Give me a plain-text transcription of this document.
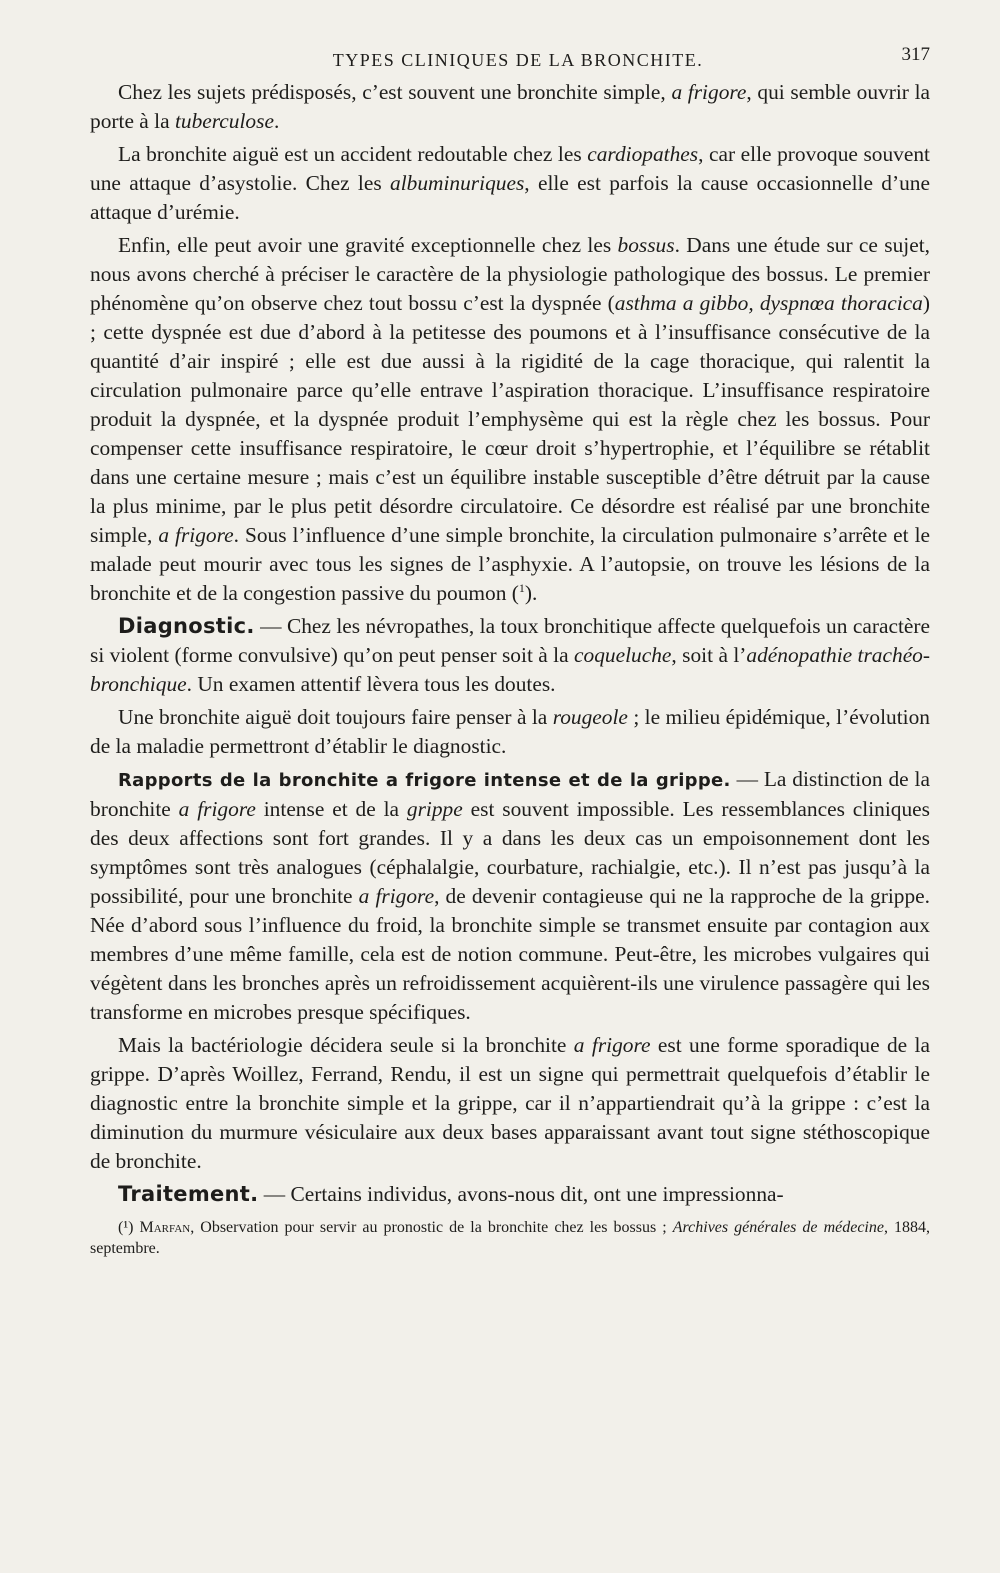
TYPES CLINIQUES DE LA BRONCHITE.	317

Chez les sujets prédisposés, c’est souvent une bronchite simple, a frigore, qui semble ouvrir la porte à la tuberculose.

La bronchite aiguë est un accident redoutable chez les cardiopathes, car elle provoque souvent une attaque d’asystolie. Chez les albuminuriques, elle est parfois la cause occasionnelle d’une attaque d’urémie.

Enfin, elle peut avoir une gravité exceptionnelle chez les bossus. Dans une étude sur ce sujet, nous avons cherché à préciser le caractère de la physiologie pathologique des bossus. Le premier phénomène qu’on observe chez tout bossu c’est la dyspnée (asthma a gibbo, dyspnœa thoracica) ; cette dyspnée est due d’abord à la petitesse des poumons et à l’insuffisance consécutive de la quantité d’air inspiré ; elle est due aussi à la rigidité de la cage thoracique, qui ralentit la circulation pulmonaire parce qu’elle entrave l’aspiration thoracique. L’insuffisance respiratoire produit la dyspnée, et la dyspnée produit l’emphysème qui est la règle chez les bossus. Pour compenser cette insuffisance respiratoire, le cœur droit s’hypertrophie, et l’équilibre se rétablit dans une certaine mesure ; mais c’est un équilibre instable susceptible d’être détruit par la cause la plus minime, par le plus petit désordre circulatoire. Ce désordre est réalisé par une bronchite simple, a frigore. Sous l’influence d’une simple bronchite, la circulation pulmonaire s’arrête et le malade peut mourir avec tous les signes de l’asphyxie. A l’autopsie, on trouve les lésions de la bronchite et de la congestion passive du poumon ($^1$).

Diagnostic. — Chez les névropathes, la toux bronchitique affecte quelquefois un caractère si violent (forme convulsive) qu’on peut penser soit à la coqueluche, soit à l’adénopathie trachéo-bronchique. Un examen attentif lèvera tous les doutes.

Une bronchite aiguë doit toujours faire penser à la rougeole ; le milieu épidémique, l’évolution de la maladie permettront d’établir le diagnostic.

Rapports de la bronchite a frigore intense et de la grippe. — La distinction de la bronchite a frigore intense et de la grippe est souvent impossible. Les ressemblances cliniques des deux affections sont fort grandes. Il y a dans les deux cas un empoisonnement dont les symptômes sont très analogues (céphalalgie, courbature, rachialgie, etc.). Il n’est pas jusqu’à la possibilité, pour une bronchite a frigore, de devenir contagieuse qui ne la rapproche de la grippe. Née d’abord sous l’influence du froid, la bronchite simple se transmet ensuite par contagion aux membres d’une même famille, cela est de notion commune. Peut-être, les microbes vulgaires qui végètent dans les bronches après un refroidissement acquièrent-ils une virulence passagère qui les transforme en microbes presque spécifiques.

Mais la bactériologie décidera seule si la bronchite a frigore est une forme sporadique de la grippe. D’après Woillez, Ferrand, Rendu, il est un signe qui permettrait quelquefois d’établir le diagnostic entre la bronchite simple et la grippe, car il n’appartiendrait qu’à la grippe : c’est la diminution du murmure vésiculaire aux deux bases apparaissant avant tout signe stéthoscopique de bronchite.

Traitement. — Certains individus, avons-nous dit, ont une impressionna-

(¹) Marfan, Observation pour servir au pronostic de la bronchite chez les bossus ; Archives générales de médecine, 1884, septembre.
